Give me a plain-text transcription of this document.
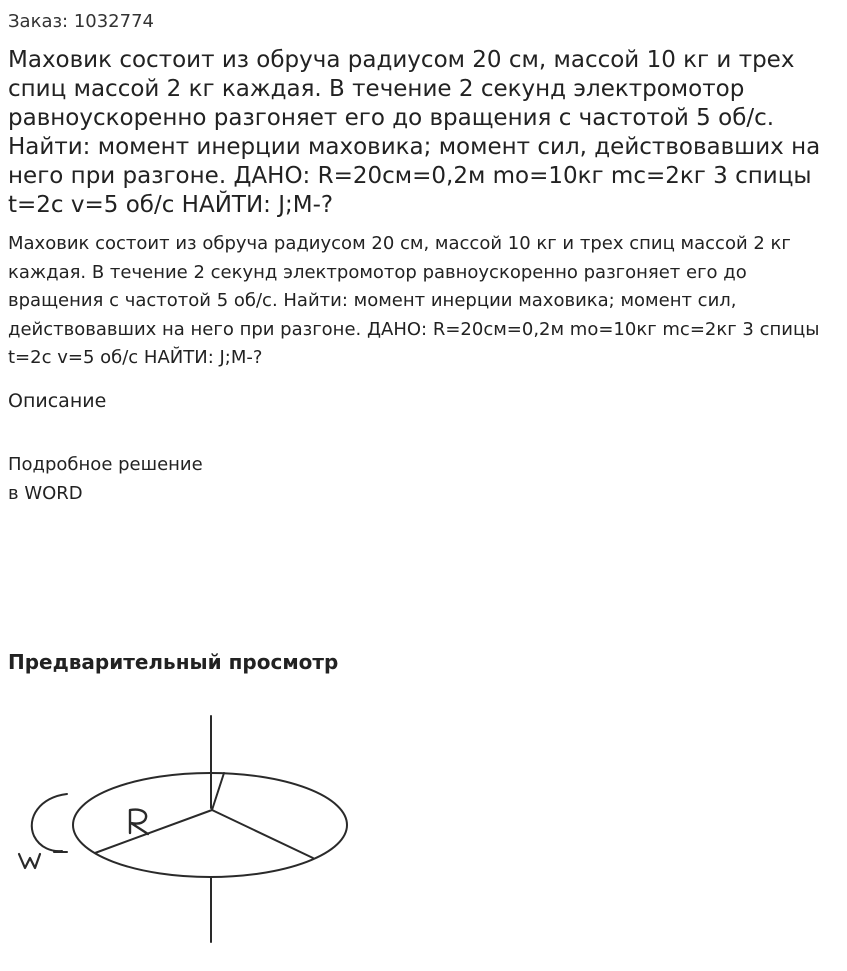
Заказ: 1032774
Маховик состоит из обруча радиусом 20 см, массой 10 кг и трех спиц массой 2 кг каждая. В течение 2 секунд электромотор равноускоренно разгоняет его до вращения с частотой 5 об/с. Найти: момент инерции маховика; момент сил, действовавших на него при разгоне. ДАНО: R=20см=0,2м mo=10кг mc=2кг 3 спицы t=2с v=5 об/с НАЙТИ: J;M-?
Маховик состоит из обруча радиусом 20 см, массой 10 кг и трех спиц массой 2 кг каждая. В течение 2 секунд электромотор равноускоренно разгоняет его до вращения с частотой 5 об/с. Найти: момент инерции маховика; момент сил, действовавших на него при разгоне. ДАНО: R=20см=0,2м mo=10кг mc=2кг 3 спицы t=2с v=5 об/с НАЙТИ: J;M-?
Описание
Подробное решение
в WORD
Предварительный просмотр
